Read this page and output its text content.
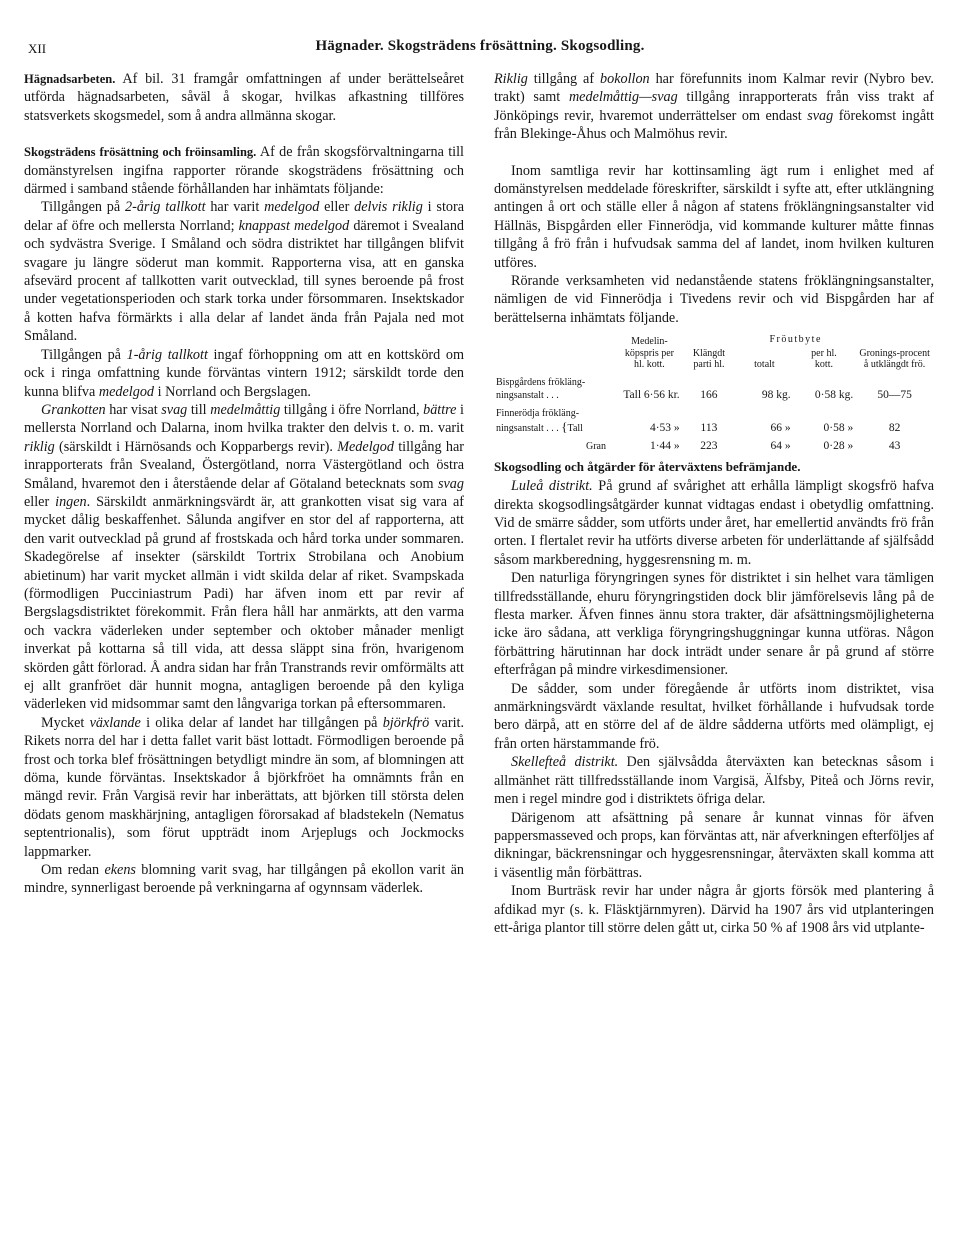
XII	Hägnader. Skogsträdens frösättning. Skogsodling.

Hägnadsarbeten. Af bil. 31 framgår omfattningen af under berättelseåret utförda hägnadsarbeten, såväl å skogar, hvilkas afkastning tillföres statsverkets skogsmedel, som å andra allmänna skogar.

Skogsträdens frösättning och fröinsamling. Af de från skogsförvaltningarna till domänstyrelsen ingifna rapporter rörande skogsträdens frösättning och därmed i samband stående förhållanden har inhämtats följande:

Tillgången på 2-årig tallkott har varit medelgod eller delvis riklig i stora delar af öfre och mellersta Norrland; knappast medelgod däremot i Svealand och sydvästra Sverige. I Småland och södra distriktet har tillgången blifvit svagare ju längre söderut man kommit. Rapporterna visa, att en ganska afsevärd procent af tallkotten varit outvecklad, till synes beroende på frost under vegetationsperioden och stark torka under försommaren. Insektskador å kotten hafva förmärkts i alla delar af landet ända från Pajala ned mot Småland.

Tillgången på 1-årig tallkott ingaf förhoppning om att en kottskörd om ock i ringa omfattning kunde förväntas vintern 1912; särskildt torde den kunna blifva medelgod i Norrland och Bergslagen.

Grankotten har visat svag till medelmåttig tillgång i öfre Norrland, bättre i mellersta Norrland och Dalarna, inom hvilka trakter den delvis t. o. m. varit riklig (särskildt i Härnösands och Kopparbergs revir). Medelgod tillgång har inrapporterats från Svealand, Östergötland, norra Västergötland och östra Småland, hvaremot den i återstående delar af Götaland betecknats som svag eller ingen. Särskildt anmärkningsvärdt är, att grankotten visat sig vara af mycket dålig beskaffenhet. Sålunda angifver en stor del af rapporterna, att den varit outvecklad på grund af frostskada och hård torka under sommaren. Skadegörelse af insekter (särskildt Tortrix Strobilana och Anobium abietinum) har varit mycket allmän i vidt skilda delar af riket. Svampskada (förmodligen Pucciniastrum Padi) har äfven inom ett par revir af Bergslagsdistriktet förekommit. Från flera håll har anmärkts, att den varma och vackra väderleken under september och oktober månader menligt inverkat på kottarna så till vida, att dessa släppt sina frön, hvarigenom skörden gått förlorad. Å andra sidan har från Transtrands revir omförmälts att ej allt granfröet där hunnit mogna, antagligen beroende på den kyliga väderleken vid midsommar samt den långvariga torkan på eftersommaren.

Mycket växlande i olika delar af landet har tillgången på björkfrö varit. Rikets norra del har i detta fallet varit bäst lottadt. Förmodligen beroende på frost och torka blef frösättningen betydligt mindre än som, af blomningen att döma, kunde förväntas. Insektskador å björkfröet ha omnämnts från en mängd revir. Från Vargisä revir har inberättats, att björken till största delen dödats genom maskhärjning, antagligen förorsakad af bladstekeln (Nematus septentrionalis), som förut uppträdt inom Arjeplugs och Jockmocks lappmarker.

Om redan ekens blomning varit svag, har tillgången på ekollon varit än mindre, synnerligast beroende på verkningarna af ogynnsam väderlek.

Riklig tillgång af bokollon har förefunnits inom Kalmar revir (Nybro bev. trakt) samt medelmåttig—svag tillgång inrapporterats från viss trakt af Jönköpings revir, hvaremot underrättelser om endast svag förekomst ingått från Blekinge-Åhus och Malmöhus revir.

Inom samtliga revir har kottinsamling ägt rum i enlighet med af domänstyrelsen meddelade föreskrifter, särskildt i syfte att, efter utklängning antingen å ort och ställe eller å någon af statens fröklängningsanstalter vid Hällnäs, Bispgården eller Finnerödja, vid kommande kulturer måtte finnas tillgång å frö från i hufvudsak samma del af landet, inom hvilken kulturen utföres.

Rörande verksamheten vid nedanstående statens fröklängningsanstalter, nämligen de vid Finnerödja i Tivedens revir och vid Bispgården har af berättelserna inhämtats följande.

	Medelin-köpspris per hl. kott.	Klängdt parti hl.	Fröutbyte		Gronings-procent å utklängdt frö.
			totalt	per hl.
kott.	
Bispgårdens frökläng-ningsanstalt . . .	Tall 6·56 kr.	166	98 kg.	0·58 kg.	50—75
Finnerödja frökläng-ningsanstalt . . . {Tall	4·53 »	113	66 »	0·58 »	82
Gran	1·44 »	223	64 »	0·28 »	43
Skogsodling och åtgärder för återväxtens befrämjande.

Luleå distrikt. På grund af svårighet att erhålla lämpligt skogsfrö hafva direkta skogsodlingsåtgärder kunnat vidtagas endast i obetydlig omfattning. Vid de smärre sådder, som utförts under året, har emellertid användts frö från orten. I flertalet revir ha utförts diverse arbeten för underlättande af själfsådd såsom markberedning, hyggesrensning m. m.

Den naturliga föryngringen synes för distriktet i sin helhet vara tämligen tillfredsställande, ehuru föryngringstiden dock blir jämförelsevis lång på de flesta marker. Äfven finnes ännu stora trakter, där afsättningsmöjligheterna icke äro sådana, att verkliga föryngringshuggningar kunna utföras. Någon förbättring härutinnan har dock inträdt under senare år på grund af större efterfrågan på mindre virkesdimensioner.

De sådder, som under föregående år utförts inom distriktet, visa anmärkningsvärdt växlande resultat, hvilket förhållande i hufvudsak torde bero därpå, att en större del af de äldre sådderna utförts med olämpligt, ej från orten härstammande frö.

Skellefteå distrikt. Den självsådda återväxten kan betecknas såsom i allmänhet rätt tillfredsställande inom Vargisä, Älfsby, Piteå och Jörns revir, men i regel mindre god i distriktets öfriga delar.

Därigenom att afsättning på senare år kunnat vinnas för äfven pappersmasseved och props, kan förväntas att, när afverkningen efterföljes af dikningar, bäckrensningar och hyggesrensningar, återväxten skall komma att i väsentlig mån förbättras.

Inom Burträsk revir har under några år gjorts försök med plantering å afdikad myr (s. k. Fläsktjärnmyren). Därvid ha 1907 års vid utplanteringen ett-åriga plantor till större delen gått ut, cirka 50 % af 1908 års vid utplante-
